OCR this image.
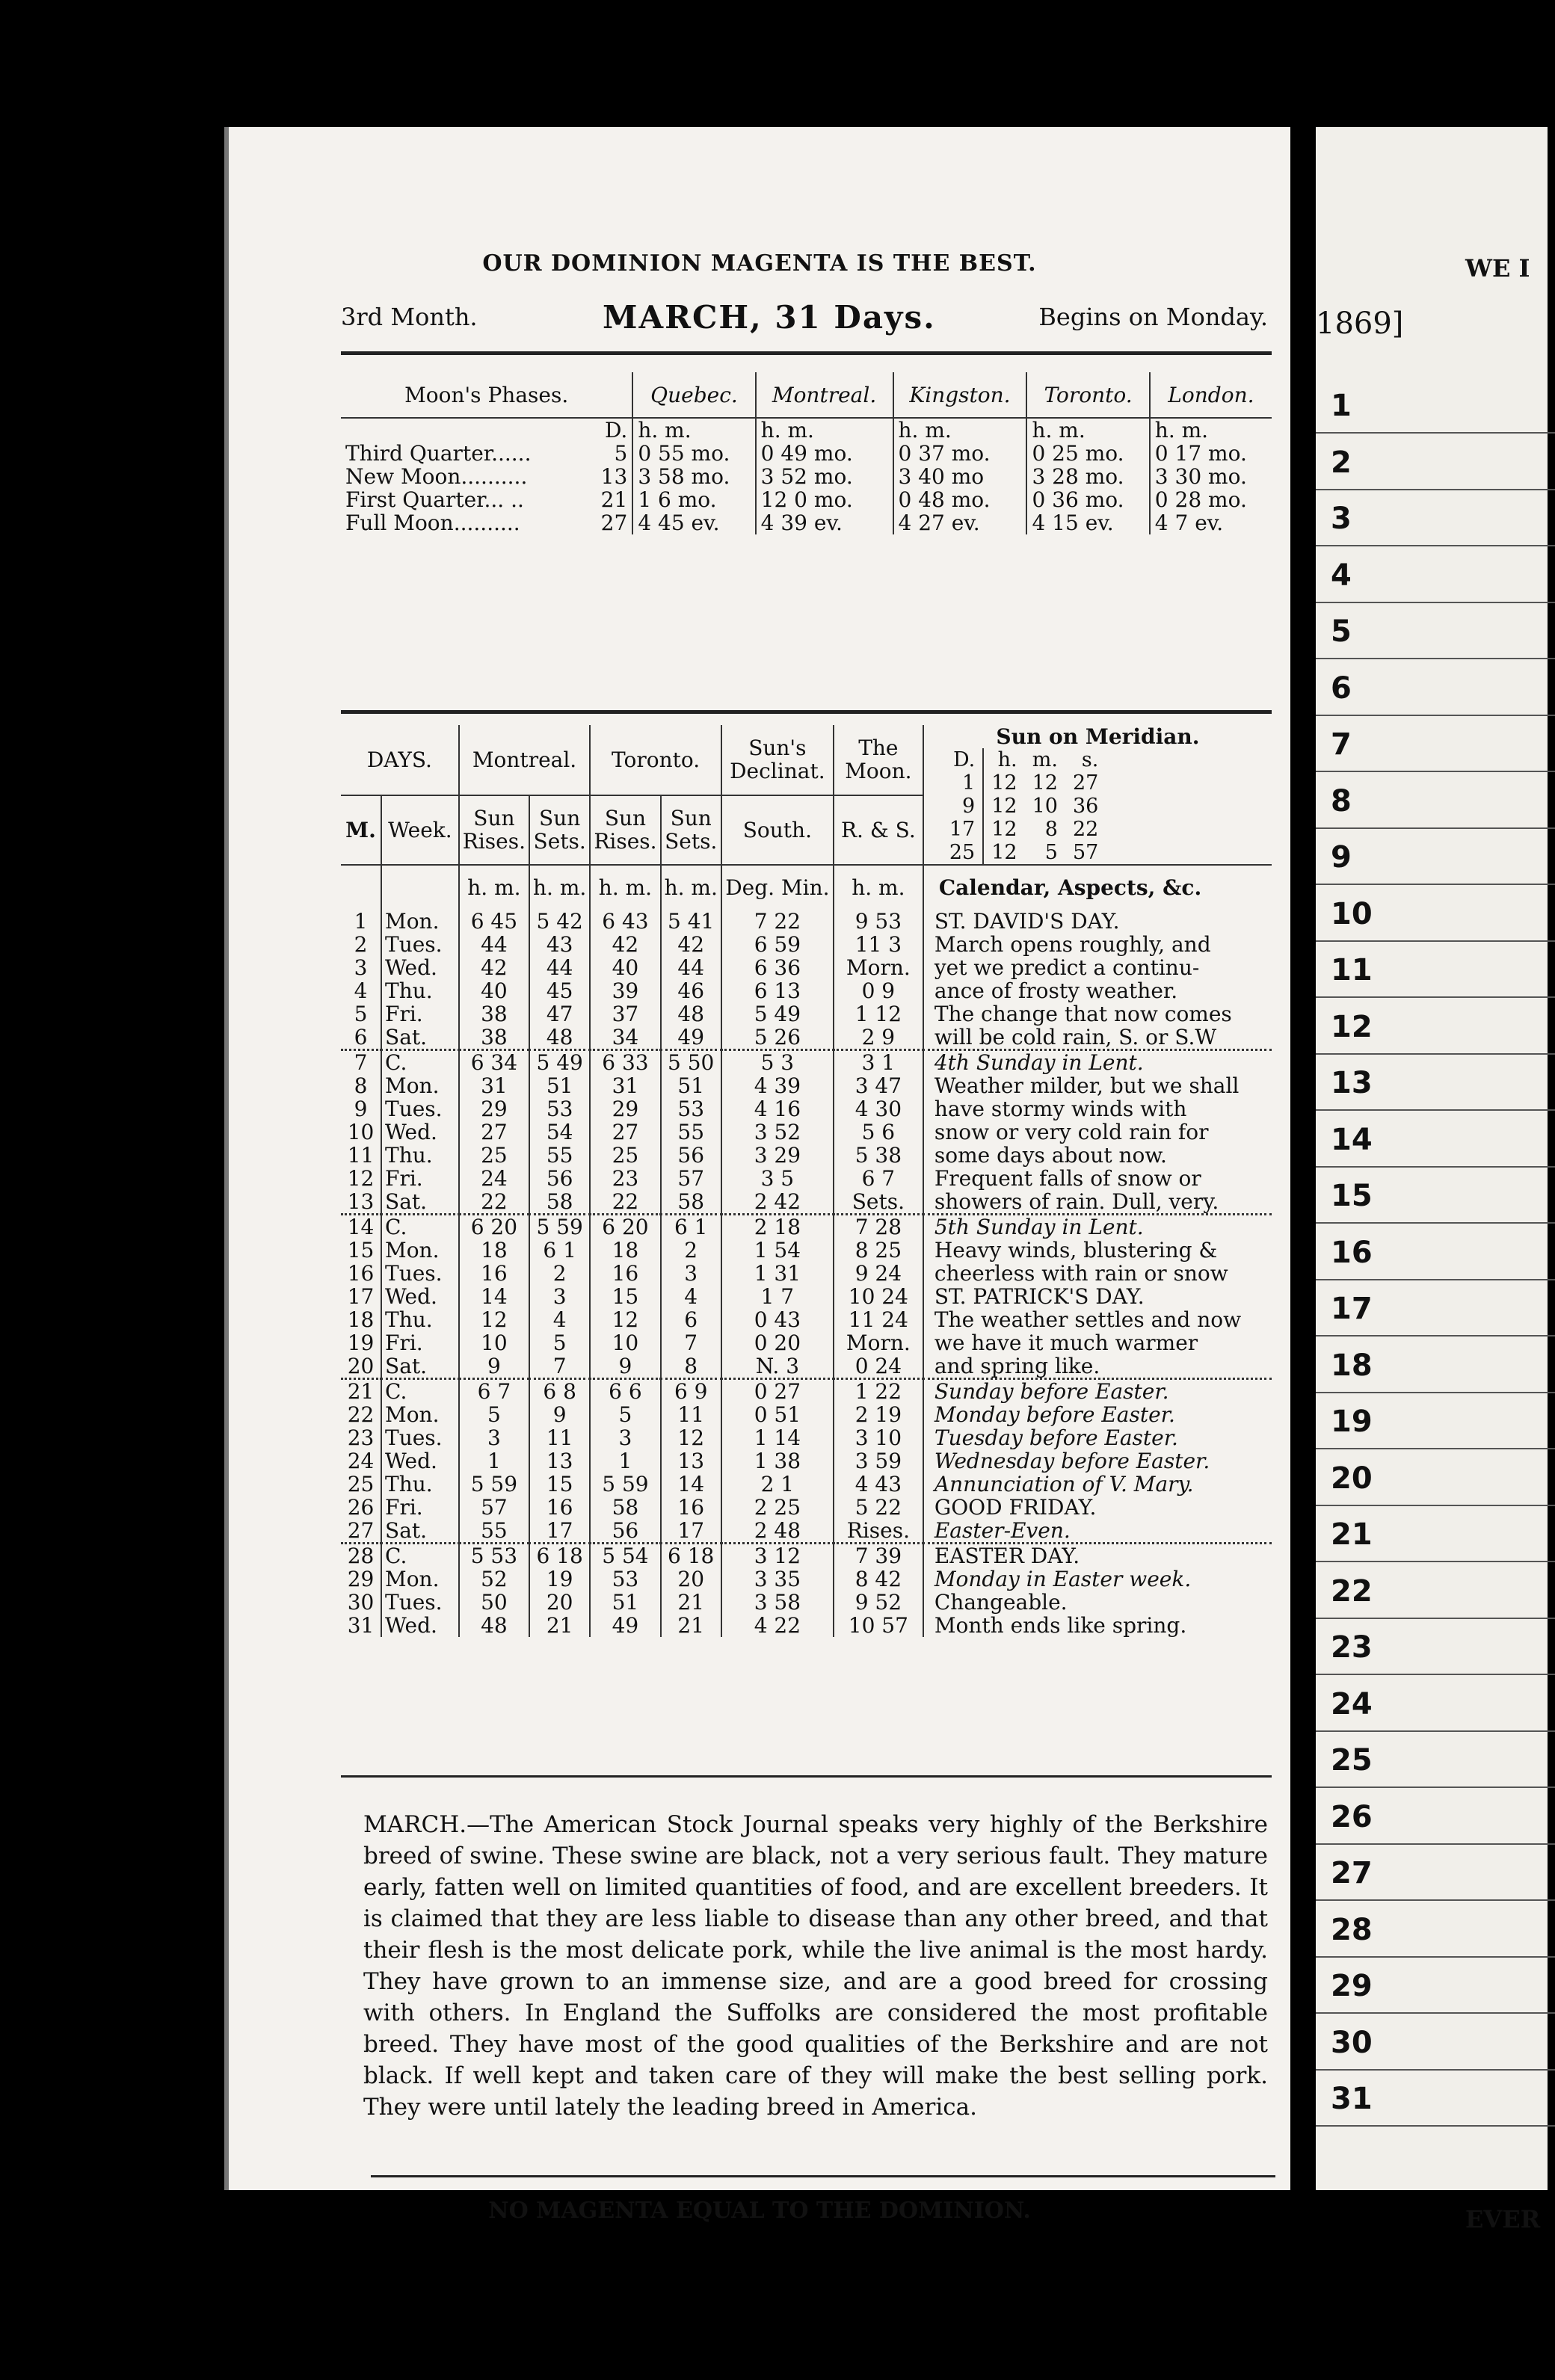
OUR DOMINION MAGENTA IS THE BEST.
3rd Month.	MARCH, 31 Days.	Begins on Monday.
Moon's Phases.		Quebec.	Montreal.	Kingston.	Toronto.	London.
	D.	h. m.	h. m.	h. m.	h. m.	h. m.
Third Quarter......	5	0 55 mo.	0 49 mo.	0 37 mo.	0 25 mo.	0 17 mo.
New Moon..........	13	3 58 mo.	3 52 mo.	3 40 mo	3 28 mo.	3 30 mo.
First Quarter... ..	21	1 6 mo.	12 0 mo.	0 48 mo.	0 36 mo.	0 28 mo.
Full Moon..........	27	4 45 ev.	4 39 ev.	4 27 ev.	4 15 ev.	4 7 ev.
DAYS.	Montreal.	Toronto.	Sun's Declinat.	The Moon.	
Sun on Meridian.
D.	h.	m.	s.
1	12	12	27
9	12	10	36
17	12	8	22
25	12	5	57

M.	Week.	Sun Rises.	Sun Sets.	Sun Rises.	Sun Sets.	South.	R. & S.
		h. m.	h. m.	h. m.	h. m.	Deg. Min.	h. m.	Calendar, Aspects, &c.
1	Mon.	6 45	5 42	6 43	5 41	7 22	9 53	ST. DAVID'S DAY.
2	Tues.	44	43	42	42	6 59	11 3	March opens roughly, and
3	Wed.	42	44	40	44	6 36	Morn.	yet we predict a continu-
4	Thu.	40	45	39	46	6 13	0 9	ance of frosty weather.
5	Fri.	38	47	37	48	5 49	1 12	The change that now comes
6	Sat.	38	48	34	49	5 26	2 9	will be cold rain, S. or S.W
7	C.	6 34	5 49	6 33	5 50	5 3	3 1	4th Sunday in Lent.
8	Mon.	31	51	31	51	4 39	3 47	Weather milder, but we shall
9	Tues.	29	53	29	53	4 16	4 30	have stormy winds with
10	Wed.	27	54	27	55	3 52	5 6	snow or very cold rain for
11	Thu.	25	55	25	56	3 29	5 38	some days about now.
12	Fri.	24	56	23	57	3 5	6 7	Frequent falls of snow or
13	Sat.	22	58	22	58	2 42	Sets.	showers of rain. Dull, very.
14	C.	6 20	5 59	6 20	6 1	2 18	7 28	5th Sunday in Lent.
15	Mon.	18	6 1	18	2	1 54	8 25	Heavy winds, blustering &
16	Tues.	16	2	16	3	1 31	9 24	cheerless with rain or snow
17	Wed.	14	3	15	4	1 7	10 24	ST. PATRICK'S DAY.
18	Thu.	12	4	12	6	0 43	11 24	The weather settles and now
19	Fri.	10	5	10	7	0 20	Morn.	we have it much warmer
20	Sat.	9	7	9	8	N. 3	0 24	and spring like.
21	C.	6 7	6 8	6 6	6 9	0 27	1 22	Sunday before Easter.
22	Mon.	5	9	5	11	0 51	2 19	Monday before Easter.
23	Tues.	3	11	3	12	1 14	3 10	Tuesday before Easter.
24	Wed.	1	13	1	13	1 38	3 59	Wednesday before Easter.
25	Thu.	5 59	15	5 59	14	2 1	4 43	Annunciation of V. Mary.
26	Fri.	57	16	58	16	2 25	5 22	GOOD FRIDAY.
27	Sat.	55	17	56	17	2 48	Rises.	Easter-Even.
28	C.	5 53	6 18	5 54	6 18	3 12	7 39	EASTER DAY.
29	Mon.	52	19	53	20	3 35	8 42	Monday in Easter week.
30	Tues.	50	20	51	21	3 58	9 52	Changeable.
31	Wed.	48	21	49	21	4 22	10 57	Month ends like spring.
MARCH.—The American Stock Journal speaks very highly of the Berkshire breed of swine. These swine are black, not a very serious fault. They mature early, fatten well on limited quantities of food, and are excellent breeders. It is claimed that they are less liable to disease than any other breed, and that their flesh is the most delicate pork, while the live animal is the most hardy. They have grown to an immense size, and are a good breed for crossing with others. In England the Suffolks are considered the most profitable breed. They have most of the good qualities of the Berkshire and are not black. If well kept and taken care of they will make the best selling pork. They were until lately the leading breed in America.
NO MAGENTA EQUAL TO THE DOMINION.
WE I
1869]
1
2
3
4
5
6
7
8
9
10
11
12
13
14
15
16
17
18
19
20
21
22
23
24
25
26
27
28
29
30
31
EVER
